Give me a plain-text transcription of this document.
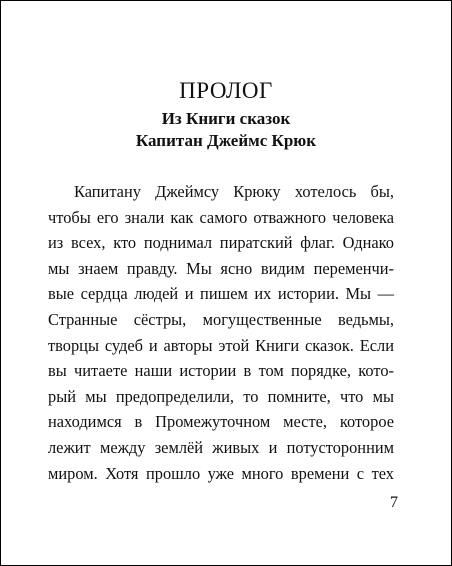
ПРОЛОГ
Из Книги сказок
Капитан Джеймс Крюк
Капитану Джеймсу Крюку хотелось бы,
чтобы его знали как самого отважного человека
из всех, кто поднимал пиратский флаг. Однако
мы знаем правду. Мы ясно видим переменчи-
вые сердца людей и пишем их истории. Мы —
Странные сёстры, могущественные ведьмы,
творцы судеб и авторы этой Книги сказок. Если
вы читаете наши истории в том порядке, кото-
рый мы предопределили, то помните, что мы
находимся в Промежуточном месте, которое
лежит между землёй живых и потусторонним
миром. Хотя прошло уже много времени с тех
7
